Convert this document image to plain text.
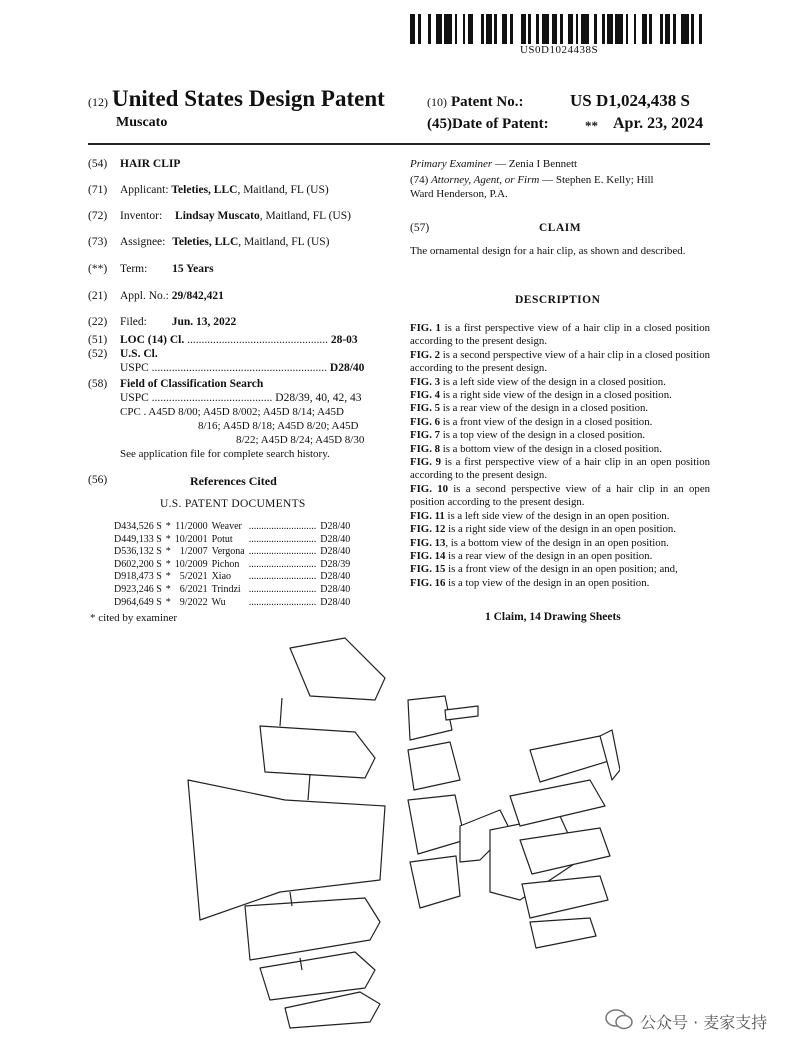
US0D1024438S
(12) United States Design Patent
Muscato
(10) Patent No.:	US D1,024,438 S
(45)Date of Patent:	** Apr. 23, 2024
(54) HAIR CLIP
(71) Applicant: Teleties, LLC, Maitland, FL (US)
(72) Inventor: Lindsay Muscato, Maitland, FL (US)
(73) Assignee: Teleties, LLC, Maitland, FL (US)
(**) Term: 15 Years
(21) Appl. No.: 29/842,421
(22) Filed: Jun. 13, 2022
(51) LOC (14) Cl. ................................................. 28-03
(52) U.S. Cl.
USPC ............................................................. D28/40
(58) Field of Classification Search
USPC .......................................... D28/39, 40, 42, 43
CPC . A45D 8/00; A45D 8/002; A45D 8/14; A45D
8/16; A45D 8/18; A45D 8/20; A45D
8/22; A45D 8/24; A45D 8/30
See application file for complete search history.
(56)	References Cited
U.S. PATENT DOCUMENTS
D434,526 S	*	11/2000	Weaver	...........................	D28/40
D449,133 S	*	10/2001	Potut	...........................	D28/40
D536,132 S	*	1/2007	Vergona	...........................	D28/40
D602,200 S	*	10/2009	Pichon	...........................	D28/39
D918,473 S	*	5/2021	Xiao	...........................	D28/40
D923,246 S	*	6/2021	Trindzi	...........................	D28/40
D964,649 S	*	9/2022	Wu	...........................	D28/40
* cited by examiner
Primary Examiner — Zenia I Bennett
(74) Attorney, Agent, or Firm — Stephen E. Kelly; Hill
Ward Henderson, P.A.
(57)	CLAIM
The ornamental design for a hair clip, as shown and described.
DESCRIPTION
FIG. 1 is a first perspective view of a hair clip in a closed position according to the present design.
FIG. 2 is a second perspective view of a hair clip in a closed position according to the present design.
FIG. 3 is a left side view of the design in a closed position.
FIG. 4 is a right side view of the design in a closed position.
FIG. 5 is a rear view of the design in a closed position.
FIG. 6 is a front view of the design in a closed position.
FIG. 7 is a top view of the design in a closed position.
FIG. 8 is a bottom view of the design in a closed position.
FIG. 9 is a first perspective view of a hair clip in an open position according to the present design.
FIG. 10 is a second perspective view of a hair clip in an open position according to the present design.
FIG. 11 is a left side view of the design in an open position.
FIG. 12 is a right side view of the design in an open position.
FIG. 13, is a bottom view of the design in an open position.
FIG. 14 is a rear view of the design in an open position.
FIG. 15 is a front view of the design in an open position; and,
FIG. 16 is a top view of the design in an open position.
1 Claim, 14 Drawing Sheets
公众号 · 麦家支持
